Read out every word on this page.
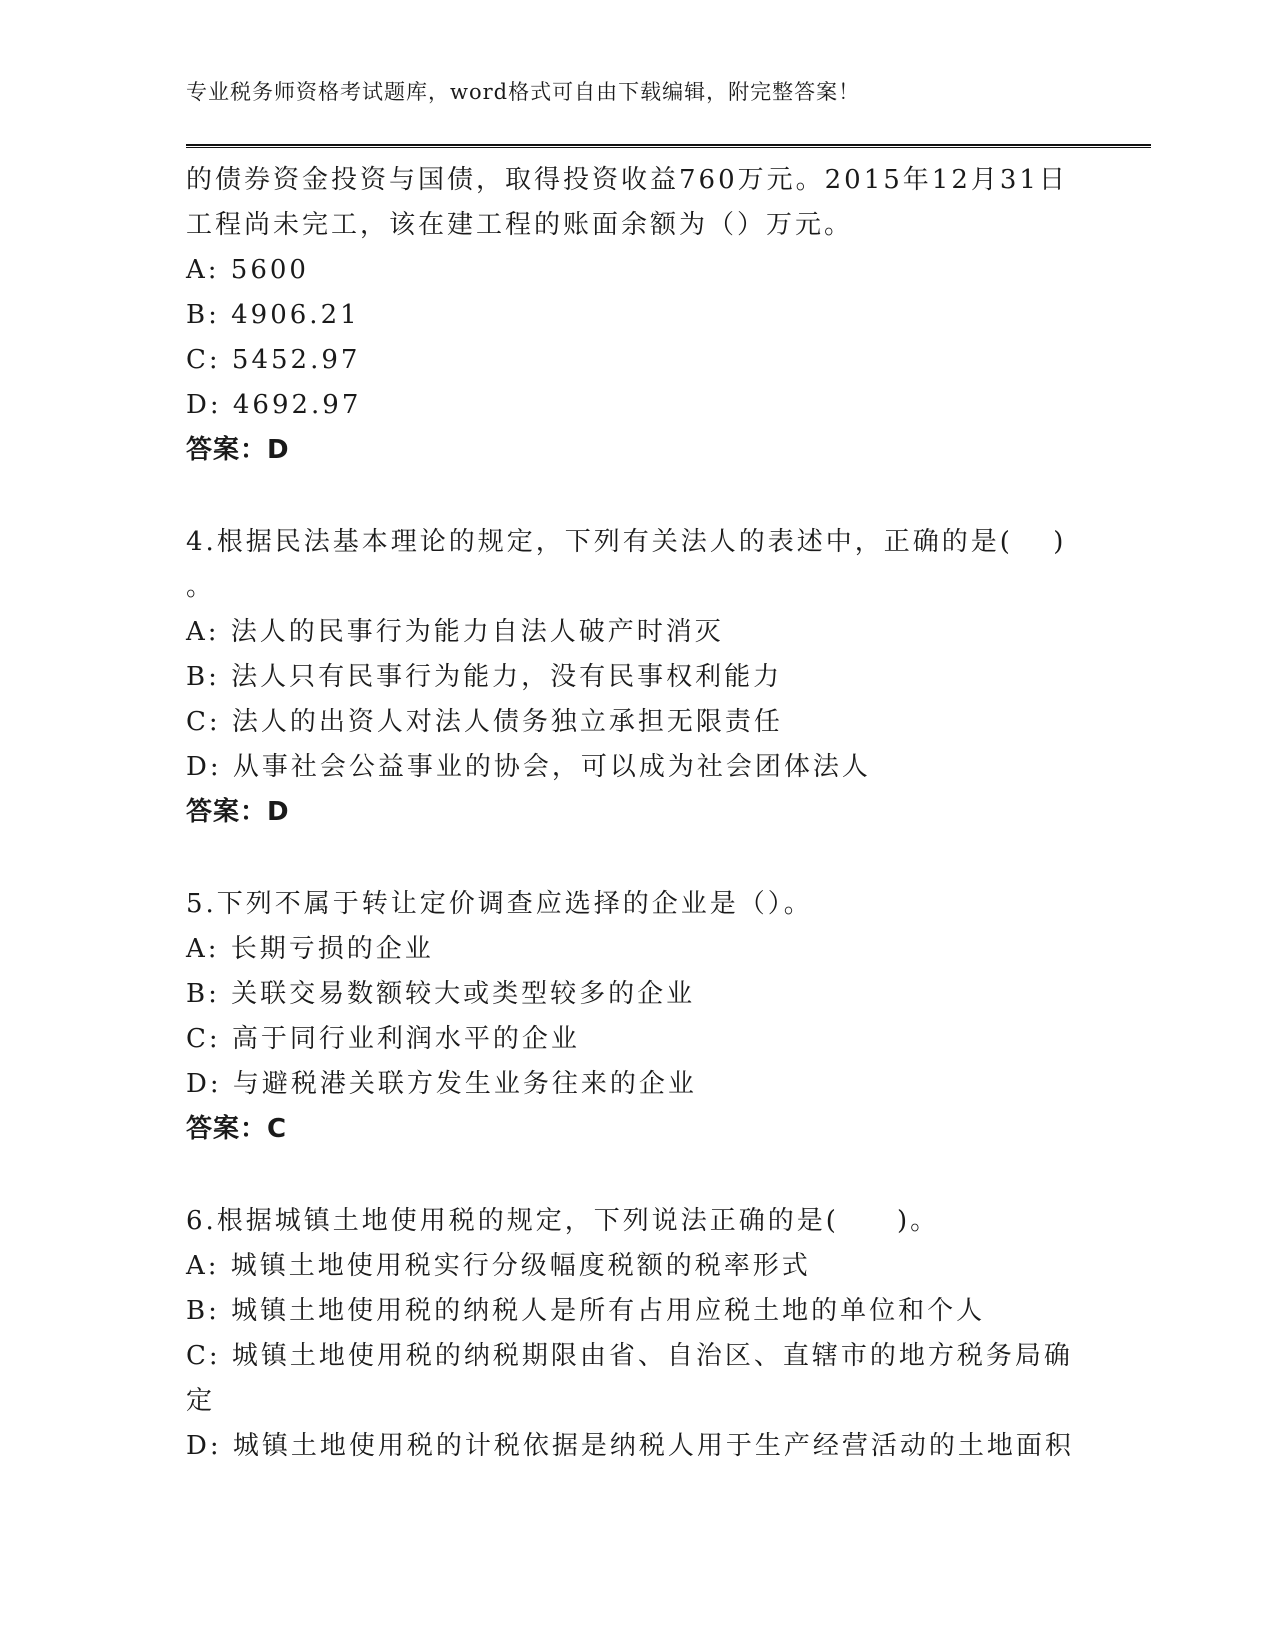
专业税务师资格考试题库，word格式可自由下载编辑，附完整答案！
的债券资金投资与国债，取得投资收益760万元。2015年12月31日
工程尚未完工，该在建工程的账面余额为（）万元。
A: 5600
B: 4906.21
C: 5452.97
D: 4692.97
答案：D
4.根据民法基本理论的规定，下列有关法人的表述中，正确的是(　 )
。
A: 法人的民事行为能力自法人破产时消灭
B: 法人只有民事行为能力，没有民事权利能力
C: 法人的出资人对法人债务独立承担无限责任
D: 从事社会公益事业的协会，可以成为社会团体法人
答案：D
5.下列不属于转让定价调查应选择的企业是（）。
A: 长期亏损的企业
B: 关联交易数额较大或类型较多的企业
C: 高于同行业利润水平的企业
D: 与避税港关联方发生业务往来的企业
答案：C
6.根据城镇土地使用税的规定，下列说法正确的是(　　)。
A: 城镇土地使用税实行分级幅度税额的税率形式
B: 城镇土地使用税的纳税人是所有占用应税土地的单位和个人
C: 城镇土地使用税的纳税期限由省、自治区、直辖市的地方税务局确
定
D: 城镇土地使用税的计税依据是纳税人用于生产经营活动的土地面积
